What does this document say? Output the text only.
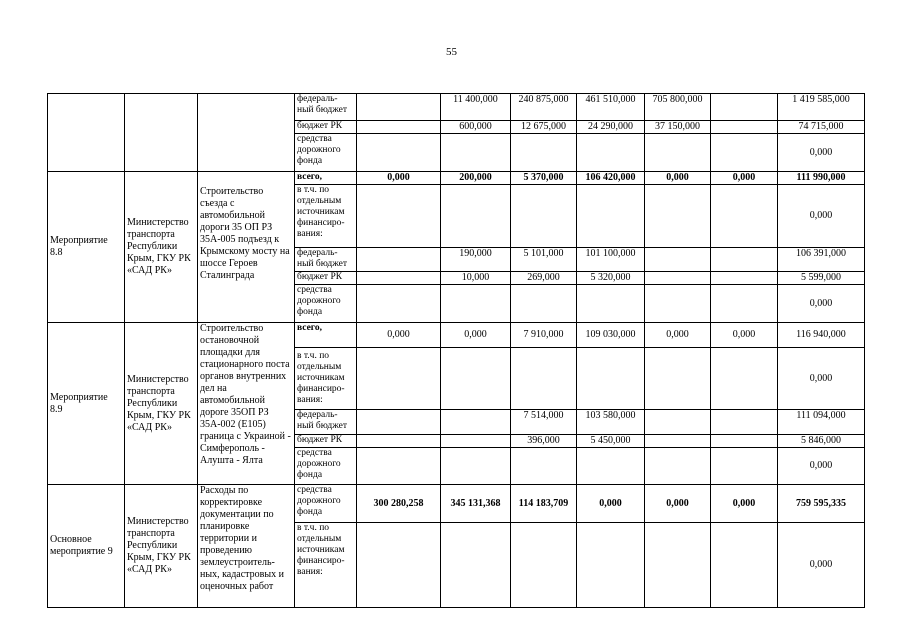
55
			федераль-ный бюджет		11 400,000	240 875,000	461 510,000	705 800,000		1 419 585,000
			бюджет РК		600,000	12 675,000	24 290,000	37 150,000		74 715,000
			средства дорожного фонда							0,000
Мероприятие 8.8	Министерство транспорта Республики Крым, ГКУ РК «САД РК»	Строительство съезда с автомобильной дороги 35 ОП РЗ 35А-005 подъезд к Крымскому мосту на шоссе Героев Сталинграда	всего,	0,000	200,000	5 370,000	106 420,000	0,000	0,000	111 990,000
			в т.ч. по отдельным источникам финансиро-вания:							0,000
			федераль-ный бюджет		190,000	5 101,000	101 100,000			106 391,000
			бюджет РК		10,000	269,000	5 320,000			5 599,000
			средства дорожного фонда							0,000
Мероприятие 8.9	Министерство транспорта Республики Крым, ГКУ РК «САД РК»	Строительство остановочной площадки для стационарного поста органов внутренних дел на автомобильной дороге 35ОП РЗ 35А-002 (Е105) граница с Украиной - Симферополь - Алушта - Ялта	всего,	0,000	0,000	7 910,000	109 030,000	0,000	0,000	116 940,000
			в т.ч. по отдельным источникам финансиро-вания:							0,000
			федераль-ный бюджет			7 514,000	103 580,000			111 094,000
			бюджет РК			396,000	5 450,000			5 846,000
			средства дорожного фонда							0,000
Основное мероприятие 9	Министерство транспорта Республики Крым, ГКУ РК «САД РК»	Расходы по корректировке документации по планировке территории и проведению землеустроитель-ных, кадастровых и оценочных работ	средства дорожного фонда	300 280,258	345 131,368	114 183,709	0,000	0,000	0,000	759 595,335
			в т.ч. по отдельным источникам финансиро-вания:							0,000
